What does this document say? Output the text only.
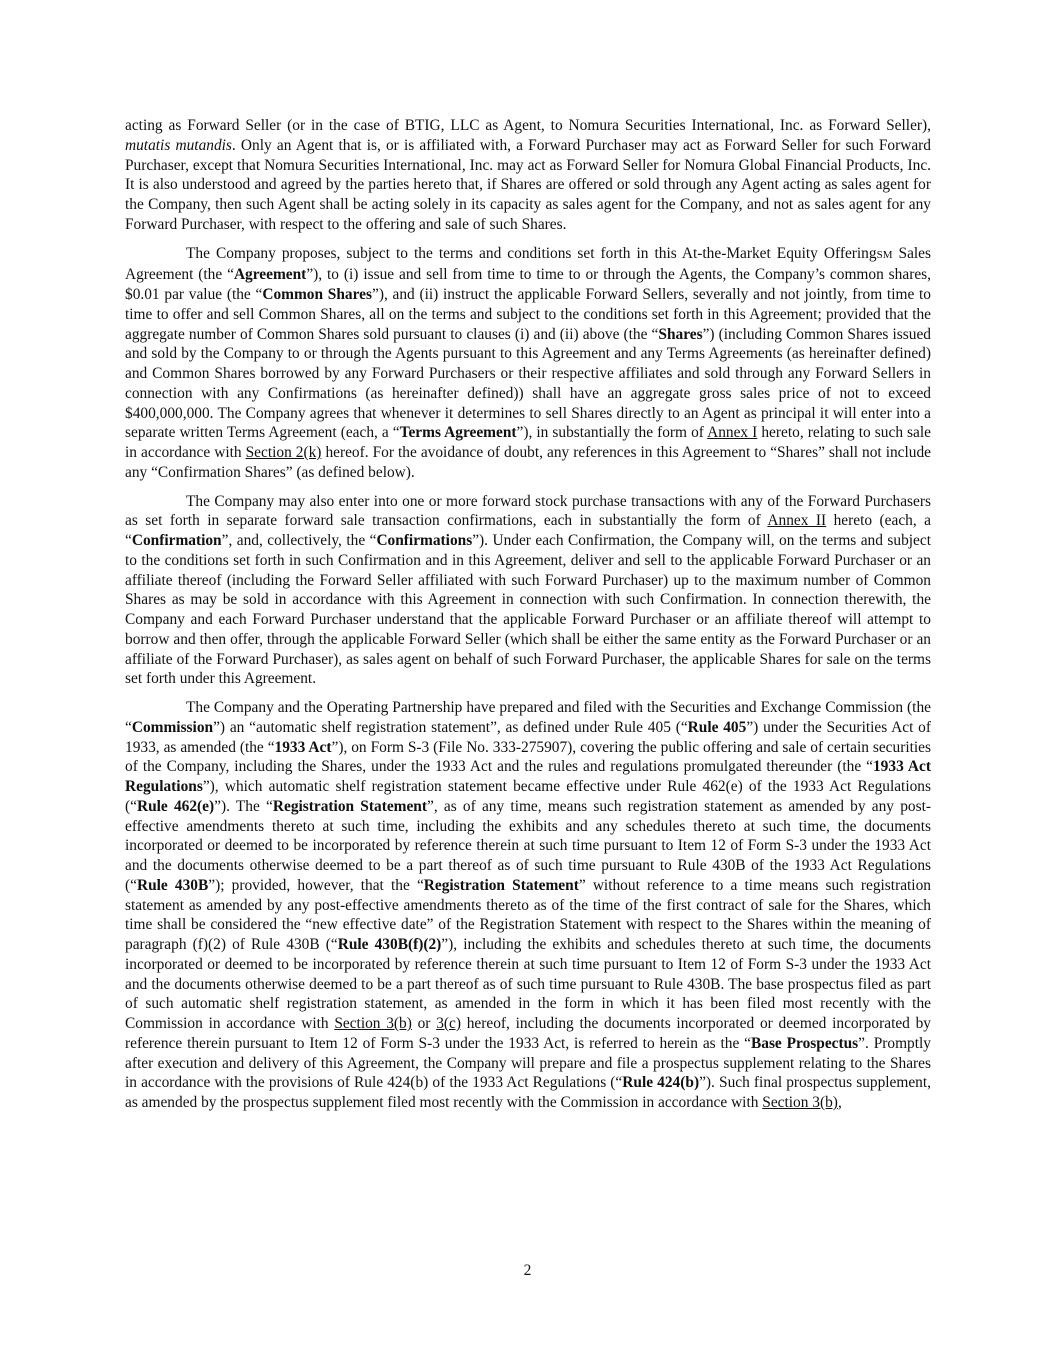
acting as Forward Seller (or in the case of BTIG, LLC as Agent, to Nomura Securities International, Inc. as Forward Seller), mutatis mutandis. Only an Agent that is, or is affiliated with, a Forward Purchaser may act as Forward Seller for such Forward Purchaser, except that Nomura Securities International, Inc. may act as Forward Seller for Nomura Global Financial Products, Inc. It is also understood and agreed by the parties hereto that, if Shares are offered or sold through any Agent acting as sales agent for the Company, then such Agent shall be acting solely in its capacity as sales agent for the Company, and not as sales agent for any Forward Purchaser, with respect to the offering and sale of such Shares.

The Company proposes, subject to the terms and conditions set forth in this At-the-Market Equity OfferingSM Sales Agreement (the “Agreement”), to (i) issue and sell from time to time to or through the Agents, the Company’s common shares, $0.01 par value (the “Common Shares”), and (ii) instruct the applicable Forward Sellers, severally and not jointly, from time to time to offer and sell Common Shares, all on the terms and subject to the conditions set forth in this Agreement; provided that the aggregate number of Common Shares sold pursuant to clauses (i) and (ii) above (the “Shares”) (including Common Shares issued and sold by the Company to or through the Agents pursuant to this Agreement and any Terms Agreements (as hereinafter defined) and Common Shares borrowed by any Forward Purchasers or their respective affiliates and sold through any Forward Sellers in connection with any Confirmations (as hereinafter defined)) shall have an aggregate gross sales price of not to exceed $400,000,000. The Company agrees that whenever it determines to sell Shares directly to an Agent as principal it will enter into a separate written Terms Agreement (each, a “Terms Agreement”), in substantially the form of Annex I hereto, relating to such sale in accordance with Section 2(k) hereof. For the avoidance of doubt, any references in this Agreement to “Shares” shall not include any “Confirmation Shares” (as defined below).

The Company may also enter into one or more forward stock purchase transactions with any of the Forward Purchasers as set forth in separate forward sale transaction confirmations, each in substantially the form of Annex II hereto (each, a “Confirmation”, and, collectively, the “Confirmations”). Under each Confirmation, the Company will, on the terms and subject to the conditions set forth in such Confirmation and in this Agreement, deliver and sell to the applicable Forward Purchaser or an affiliate thereof (including the Forward Seller affiliated with such Forward Purchaser) up to the maximum number of Common Shares as may be sold in accordance with this Agreement in connection with such Confirmation. In connection therewith, the Company and each Forward Purchaser understand that the applicable Forward Purchaser or an affiliate thereof will attempt to borrow and then offer, through the applicable Forward Seller (which shall be either the same entity as the Forward Purchaser or an affiliate of the Forward Purchaser), as sales agent on behalf of such Forward Purchaser, the applicable Shares for sale on the terms set forth under this Agreement.

The Company and the Operating Partnership have prepared and filed with the Securities and Exchange Commission (the “Commission”) an “automatic shelf registration statement”, as defined under Rule 405 (“Rule 405”) under the Securities Act of 1933, as amended (the “1933 Act”), on Form S-3 (File No. 333-275907), covering the public offering and sale of certain securities of the Company, including the Shares, under the 1933 Act and the rules and regulations promulgated thereunder (the “1933 Act Regulations”), which automatic shelf registration statement became effective under Rule 462(e) of the 1933 Act Regulations (“Rule 462(e)”). The “Registration Statement”, as of any time, means such registration statement as amended by any post-effective amendments thereto at such time, including the exhibits and any schedules thereto at such time, the documents incorporated or deemed to be incorporated by reference therein at such time pursuant to Item 12 of Form S-3 under the 1933 Act and the documents otherwise deemed to be a part thereof as of such time pursuant to Rule 430B of the 1933 Act Regulations (“Rule 430B”); provided, however, that the “Registration Statement” without reference to a time means such registration statement as amended by any post-effective amendments thereto as of the time of the first contract of sale for the Shares, which time shall be considered the “new effective date” of the Registration Statement with respect to the Shares within the meaning of paragraph (f)(2) of Rule 430B (“Rule 430B(f)(2)”), including the exhibits and schedules thereto at such time, the documents incorporated or deemed to be incorporated by reference therein at such time pursuant to Item 12 of Form S-3 under the 1933 Act and the documents otherwise deemed to be a part thereof as of such time pursuant to Rule 430B. The base prospectus filed as part of such automatic shelf registration statement, as amended in the form in which it has been filed most recently with the Commission in accordance with Section 3(b) or 3(c) hereof, including the documents incorporated or deemed incorporated by reference therein pursuant to Item 12 of Form S-3 under the 1933 Act, is referred to herein as the “Base Prospectus”. Promptly after execution and delivery of this Agreement, the Company will prepare and file a prospectus supplement relating to the Shares in accordance with the provisions of Rule 424(b) of the 1933 Act Regulations (“Rule 424(b)”). Such final prospectus supplement, as amended by the prospectus supplement filed most recently with the Commission in accordance with Section 3(b),

2
